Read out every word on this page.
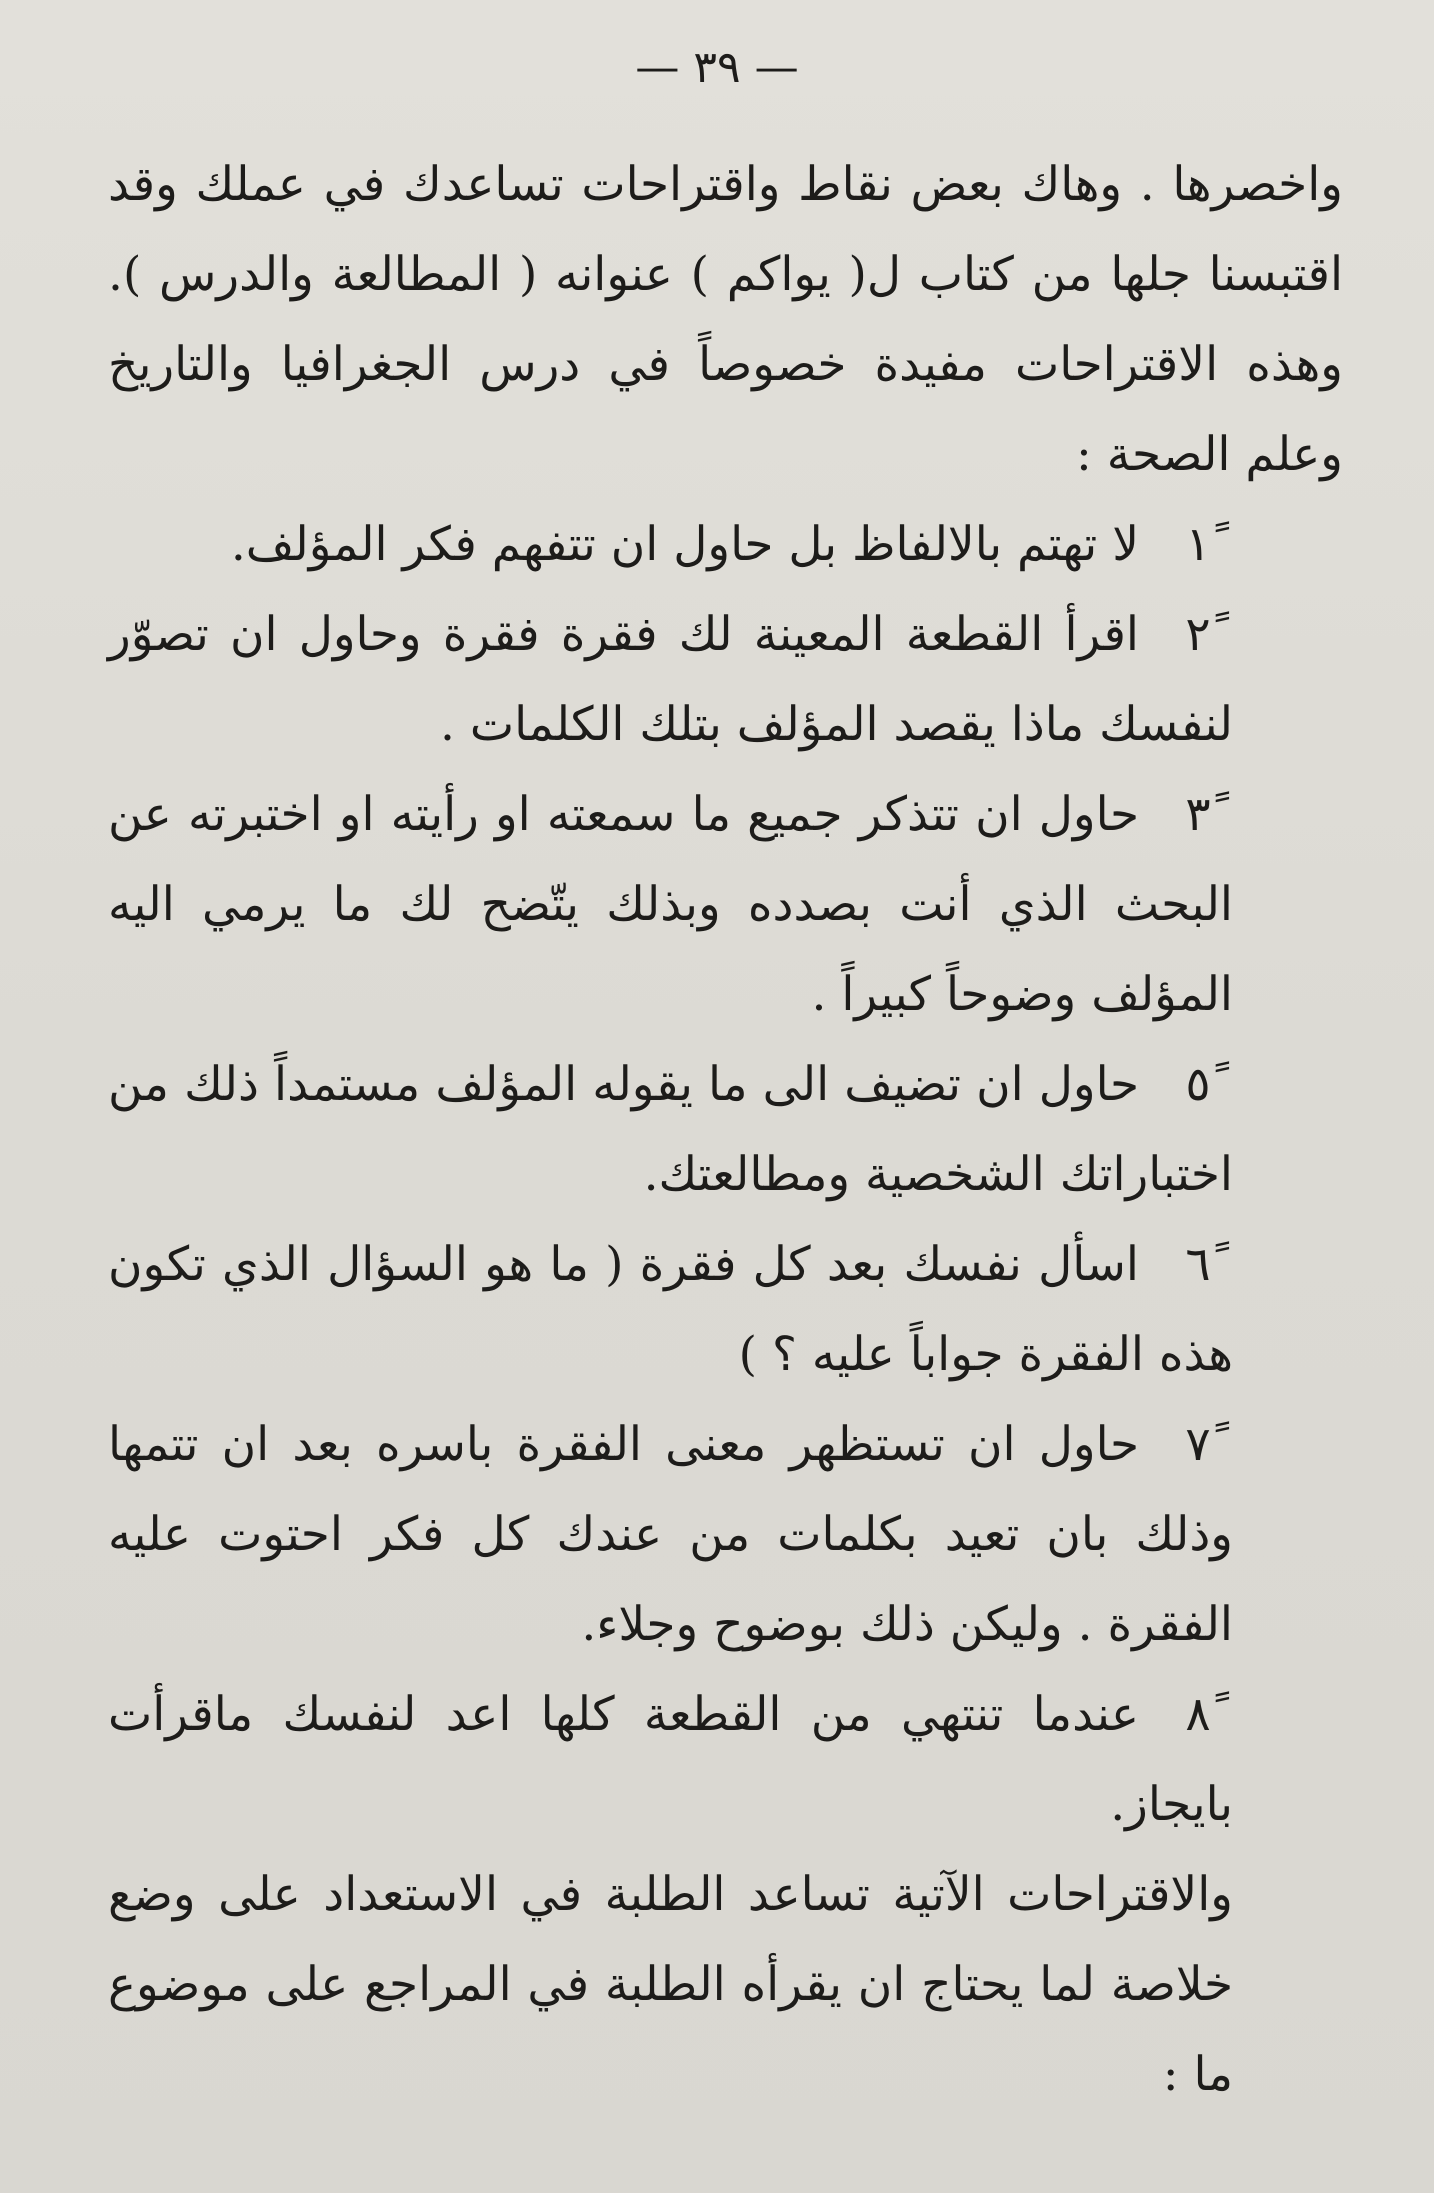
— ٣٩ —

واخصرها . وهاك بعض نقاط واقتراحات تساعدك في عملك وقد اقتبسنا جلها من كتاب ل( يواكم ) عنوانه ( المطالعة والدرس ). وهذه الاقتراحات مفيدة خصوصاً في درس الجغرافيا والتاريخ وعلم الصحة :

١ًلا تهتم بالالفاظ بل حاول ان تتفهم فكر المؤلف.

٢ًاقرأ القطعة المعينة لك فقرة فقرة وحاول ان تصوّر لنفسك ماذا يقصد المؤلف بتلك الكلمات .

٣ًحاول ان تتذكر جميع ما سمعته او رأيته او اختبرته عن البحث الذي أنت بصدده وبذلك يتّضح لك ما يرمي اليه المؤلف وضوحاً كبيراً .

٥ًحاول ان تضيف الى ما يقوله المؤلف مستمداً ذلك من اختباراتك الشخصية ومطالعتك.

٦ًاسأل نفسك بعد كل فقرة ( ما هو السؤال الذي تكون هذه الفقرة جواباً عليه ؟ )

٧ًحاول ان تستظهر معنى الفقرة باسره بعد ان تتمها وذلك بان تعيد بكلمات من عندك كل فكر احتوت عليه الفقرة . وليكن ذلك بوضوح وجلاء.

٨ًعندما تنتهي من القطعة كلها اعد لنفسك ماقرأت بايجاز.

والاقتراحات الآتية تساعد الطلبة في الاستعداد على وضع خلاصة لما يحتاج ان يقرأه الطلبة في المراجع على موضوع ما :
